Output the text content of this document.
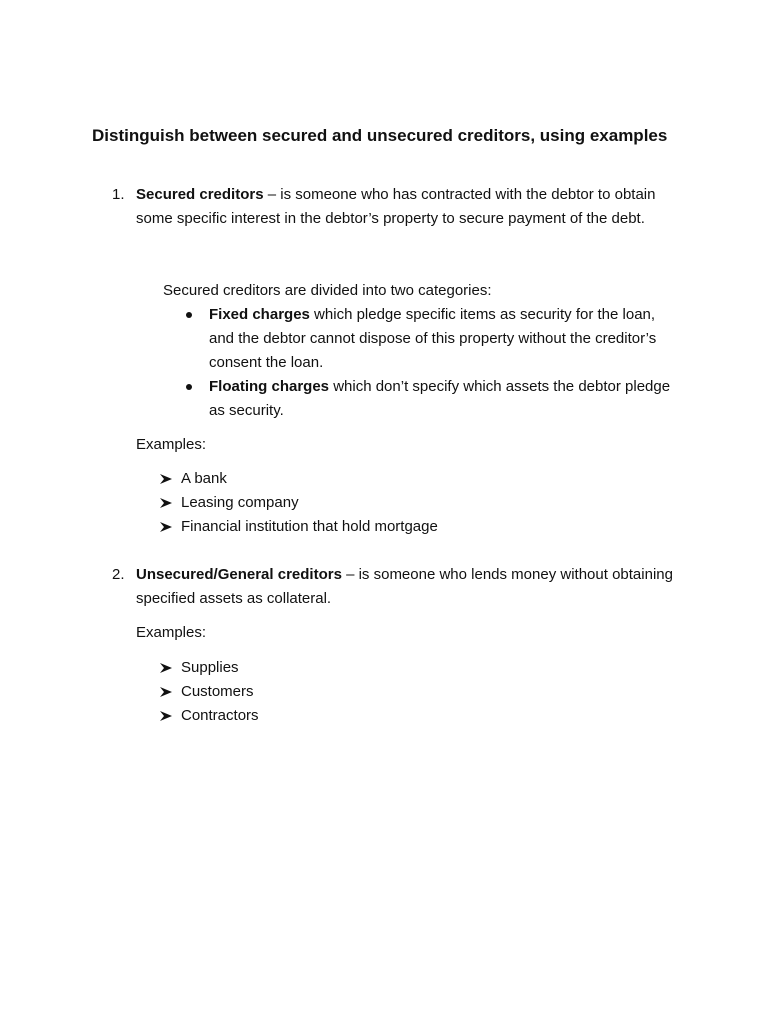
Distinguish between secured and unsecured creditors, using examples
1. Secured creditors – is someone who has contracted with the debtor to obtain some specific interest in the debtor’s property to secure payment of the debt.
Secured creditors are divided into two categories:
Fixed charges which pledge specific items as security for the loan, and the debtor cannot dispose of this property without the creditor’s consent the loan.
Floating charges which don’t specify which assets the debtor pledge as security.
Examples:
A bank
Leasing company
Financial institution that hold mortgage
2. Unsecured/General creditors – is someone who lends money without obtaining specified assets as collateral.
Examples:
Supplies
Customers
Contractors
